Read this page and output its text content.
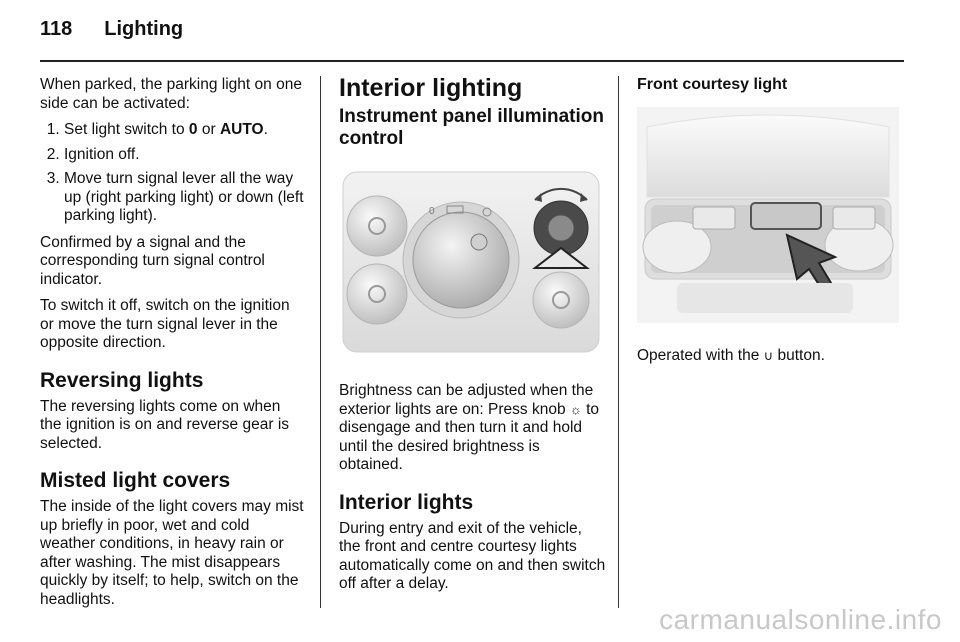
118 Lighting

When parked, the parking light on one side can be activated:

1. Set light switch to 0 or AUTO.
2. Ignition off.
3. Move turn signal lever all the way up (right parking light) or down (left parking light).

Confirmed by a signal and the corresponding turn signal control indicator.

To switch it off, switch on the ignition or move the turn signal lever in the opposite direction.

Reversing lights

The reversing lights come on when the ignition is on and reverse gear is selected.

Misted light covers

The inside of the light covers may mist up briefly in poor, wet and cold weather conditions, in heavy rain or after washing. The mist disappears quickly by itself; to help, switch on the headlights.

Interior lighting
Instrument panel illumination control
0

Brightness can be adjusted when the exterior lights are on: Press knob ☼ to disengage and then turn it and hold until the desired brightness is obtained.

Interior lights

During entry and exit of the vehicle, the front and centre courtesy lights automatically come on and then switch off after a delay.

Front courtesy light

Operated with the ∪ button.

carmanualsonline.info
